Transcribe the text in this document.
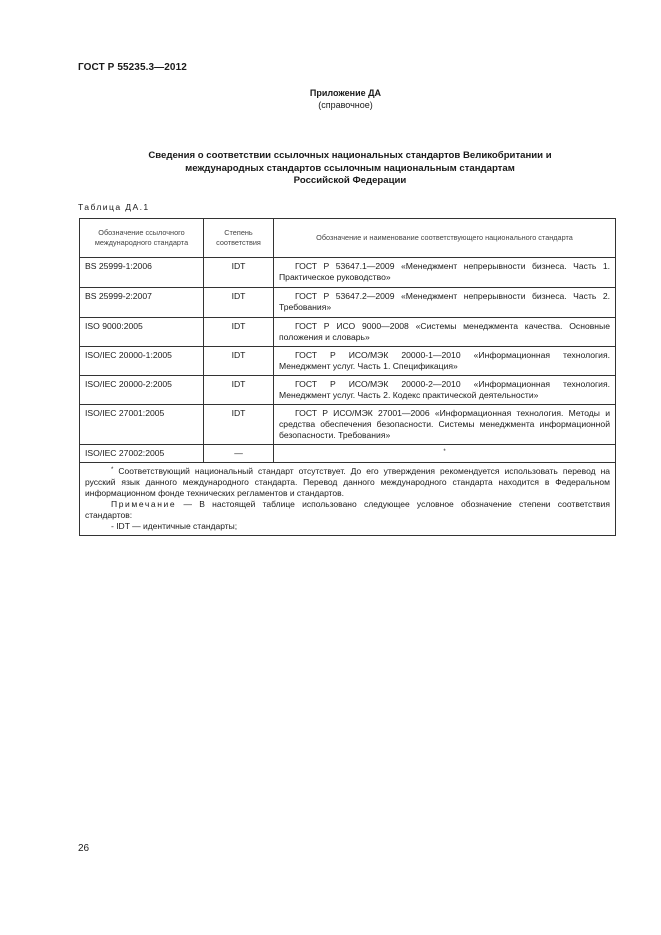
ГОСТ Р 55235.3—2012
Приложение ДА
(справочное)
Сведения о соответствии ссылочных национальных стандартов Великобритании и
международных стандартов ссылочным национальным стандартам
Российской Федерации
Таблица ДА.1
Обозначение ссылочного международного стандарта	Степень соответствия	Обозначение и наименование соответствующего национального стандарта
BS 25999-1:2006	IDT	ГОСТ Р 53647.1—2009 «Менеджмент непрерывности бизнеса. Часть 1. Практическое руководство»
BS 25999-2:2007	IDT	ГОСТ Р 53647.2—2009 «Менеджмент непрерывности бизнеса. Часть 2. Требования»
ISO 9000:2005	IDT	ГОСТ Р ИСО 9000—2008 «Системы менеджмента качества. Основные положения и словарь»
ISO/IEC 20000-1:2005	IDT	ГОСТ Р ИСО/МЭК 20000-1—2010 «Информационная технология. Менеджмент услуг. Часть 1. Спецификация»
ISO/IEC 20000-2:2005	IDT	ГОСТ Р ИСО/МЭК 20000-2—2010 «Информационная технология. Менеджмент услуг. Часть 2. Кодекс практической деятельности»
ISO/IEC 27001:2005	IDT	ГОСТ Р ИСО/МЭК 27001—2006 «Информационная технология. Методы и средства обеспечения безопасности. Системы менеджмента информационной безопасности. Требования»
ISO/IEC 27002:2005	—	*

* Соответствующий национальный стандарт отсутствует. До его утверждения рекомендуется использовать перевод на русский язык данного международного стандарта. Перевод данного международного стандарта находится в Федеральном информационном фонде технических регламентов и стандартов.
Примечание — В настоящей таблице использовано следующее условное обозначение степени соответствия стандартов:
- IDT — идентичные стандарты;		
26
